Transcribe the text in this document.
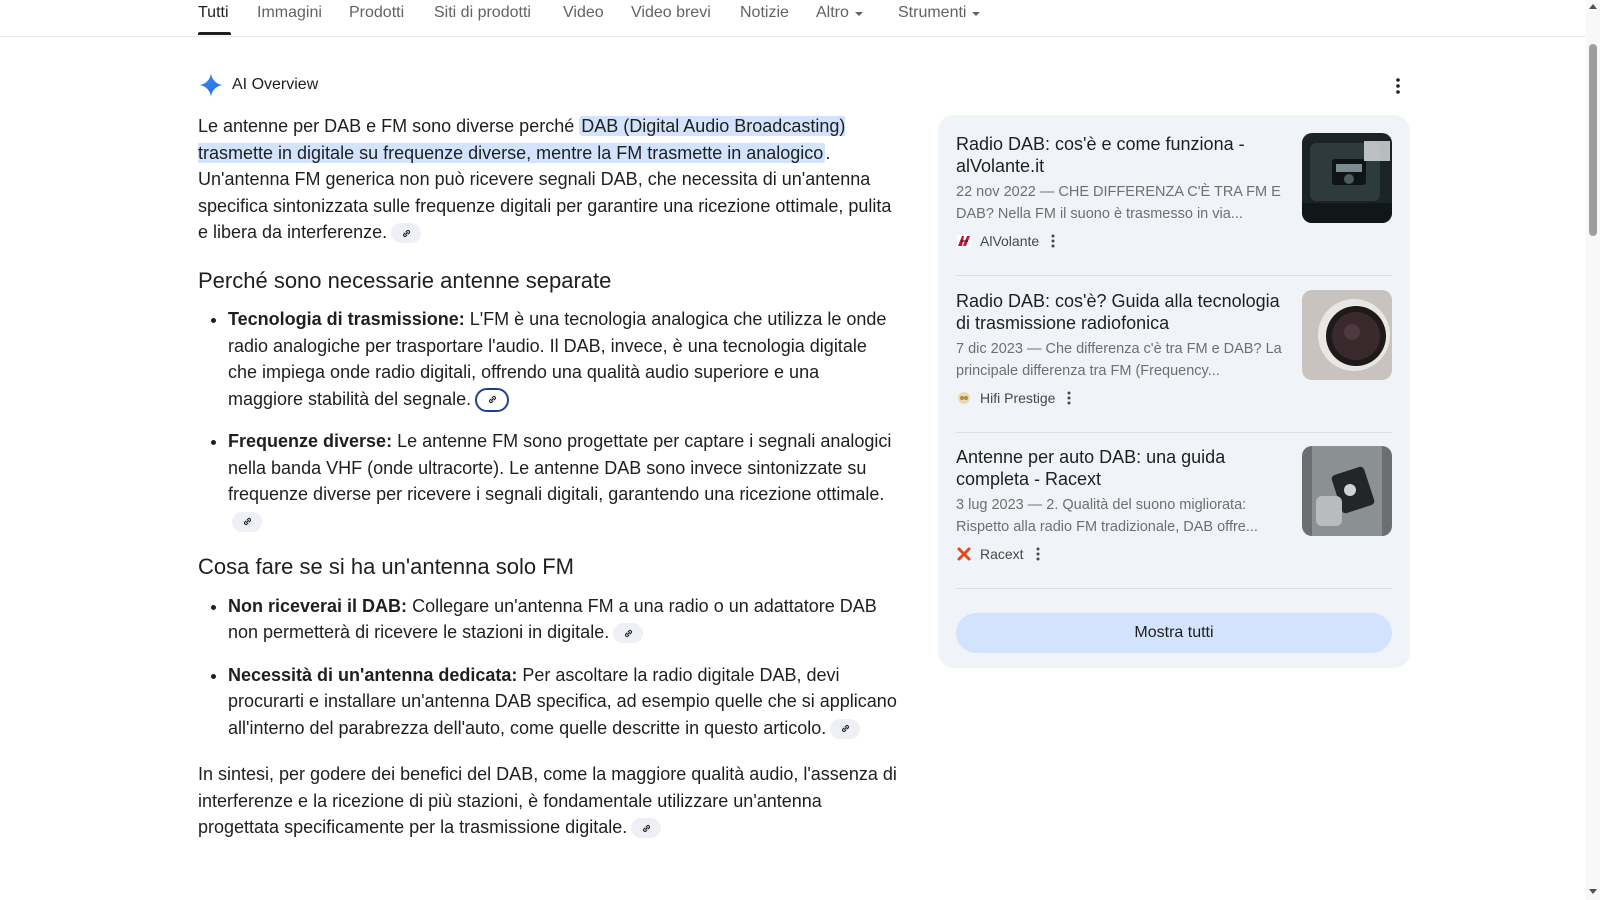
Tutti Immagini Prodotti Siti di prodotti Video Video brevi Notizie Altro	Strumenti
AI Overview

Le antenne per DAB e FM sono diverse perché DAB (Digital Audio Broadcasting) trasmette in digitale su frequenze diverse, mentre la FM trasmette in analogico . Un'antenna FM generica non può ricevere segnali DAB, che necessita di un'antenna specifica sintonizzata sulle frequenze digitali per garantire una ricezione ottimale, pulita e libera da interferenze.

Perché sono necessarie antenne separate
• Tecnologia di trasmissione: L'FM è una tecnologia analogica che utilizza le onde radio analogiche per trasportare l'audio. Il DAB, invece, è una tecnologia digitale che impiega onde radio digitali, offrendo una qualità audio superiore e una maggiore stabilità del segnale.
• Frequenze diverse: Le antenne FM sono progettate per captare i segnali analogici nella banda VHF (onde ultracorte). Le antenne DAB sono invece sintonizzate su frequenze diverse per ricevere i segnali digitali, garantendo una ricezione ottimale.
Cosa fare se si ha un'antenna solo FM
• Non riceverai il DAB: Collegare un'antenna FM a una radio o un adattatore DAB non permetterà di ricevere le stazioni in digitale.
• Necessità di un'antenna dedicata: Per ascoltare la radio digitale DAB, devi procurarti e installare un'antenna DAB specifica, ad esempio quelle che si applicano all'interno del parabrezza dell'auto, come quelle descritte in questo articolo.

In sintesi, per godere dei benefici del DAB, come la maggiore qualità audio, l'assenza di interferenze e la ricezione di più stazioni, è fondamentale utilizzare un'antenna progettata specificamente per la trasmissione digitale.

Radio DAB: cos'è e come funziona - alVolante.it
22 nov 2022 — CHE DIFFERENZA C'È TRA FM E DAB? Nella FM il suono è trasmesso in via...
AlVolante
Radio DAB: cos'è? Guida alla tecnologia di trasmissione radiofonica
7 dic 2023 — Che differenza c'è tra FM e DAB? La principale differenza tra FM (Frequency...
Hifi Prestige
Antenne per auto DAB: una guida completa - Racext
3 lug 2023 — 2. Qualità del suono migliorata: Rispetto alla radio FM tradizionale, DAB offre...
Racext
Mostra tutti
